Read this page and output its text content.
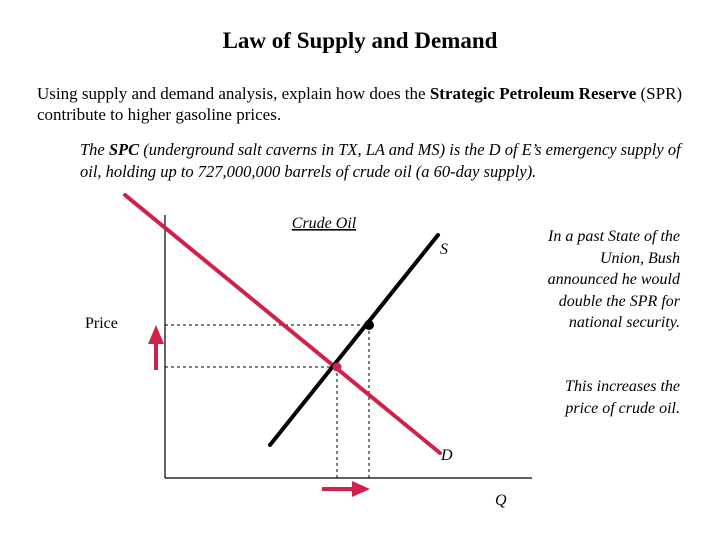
Law of Supply and Demand
Using supply and demand analysis, explain how does the Strategic Petroleum Reserve (SPR) contribute to higher gasoline prices.
The SPC (underground salt caverns in TX, LA and MS) is the D of E’s emergency supply of oil, holding up to 727,000,000 barrels of crude oil (a 60-day supply).
Crude Oil
Price
Q
S
D
In a past State of the Union, Bush announced he would double the SPR for national security.
This increases the price of crude oil.
